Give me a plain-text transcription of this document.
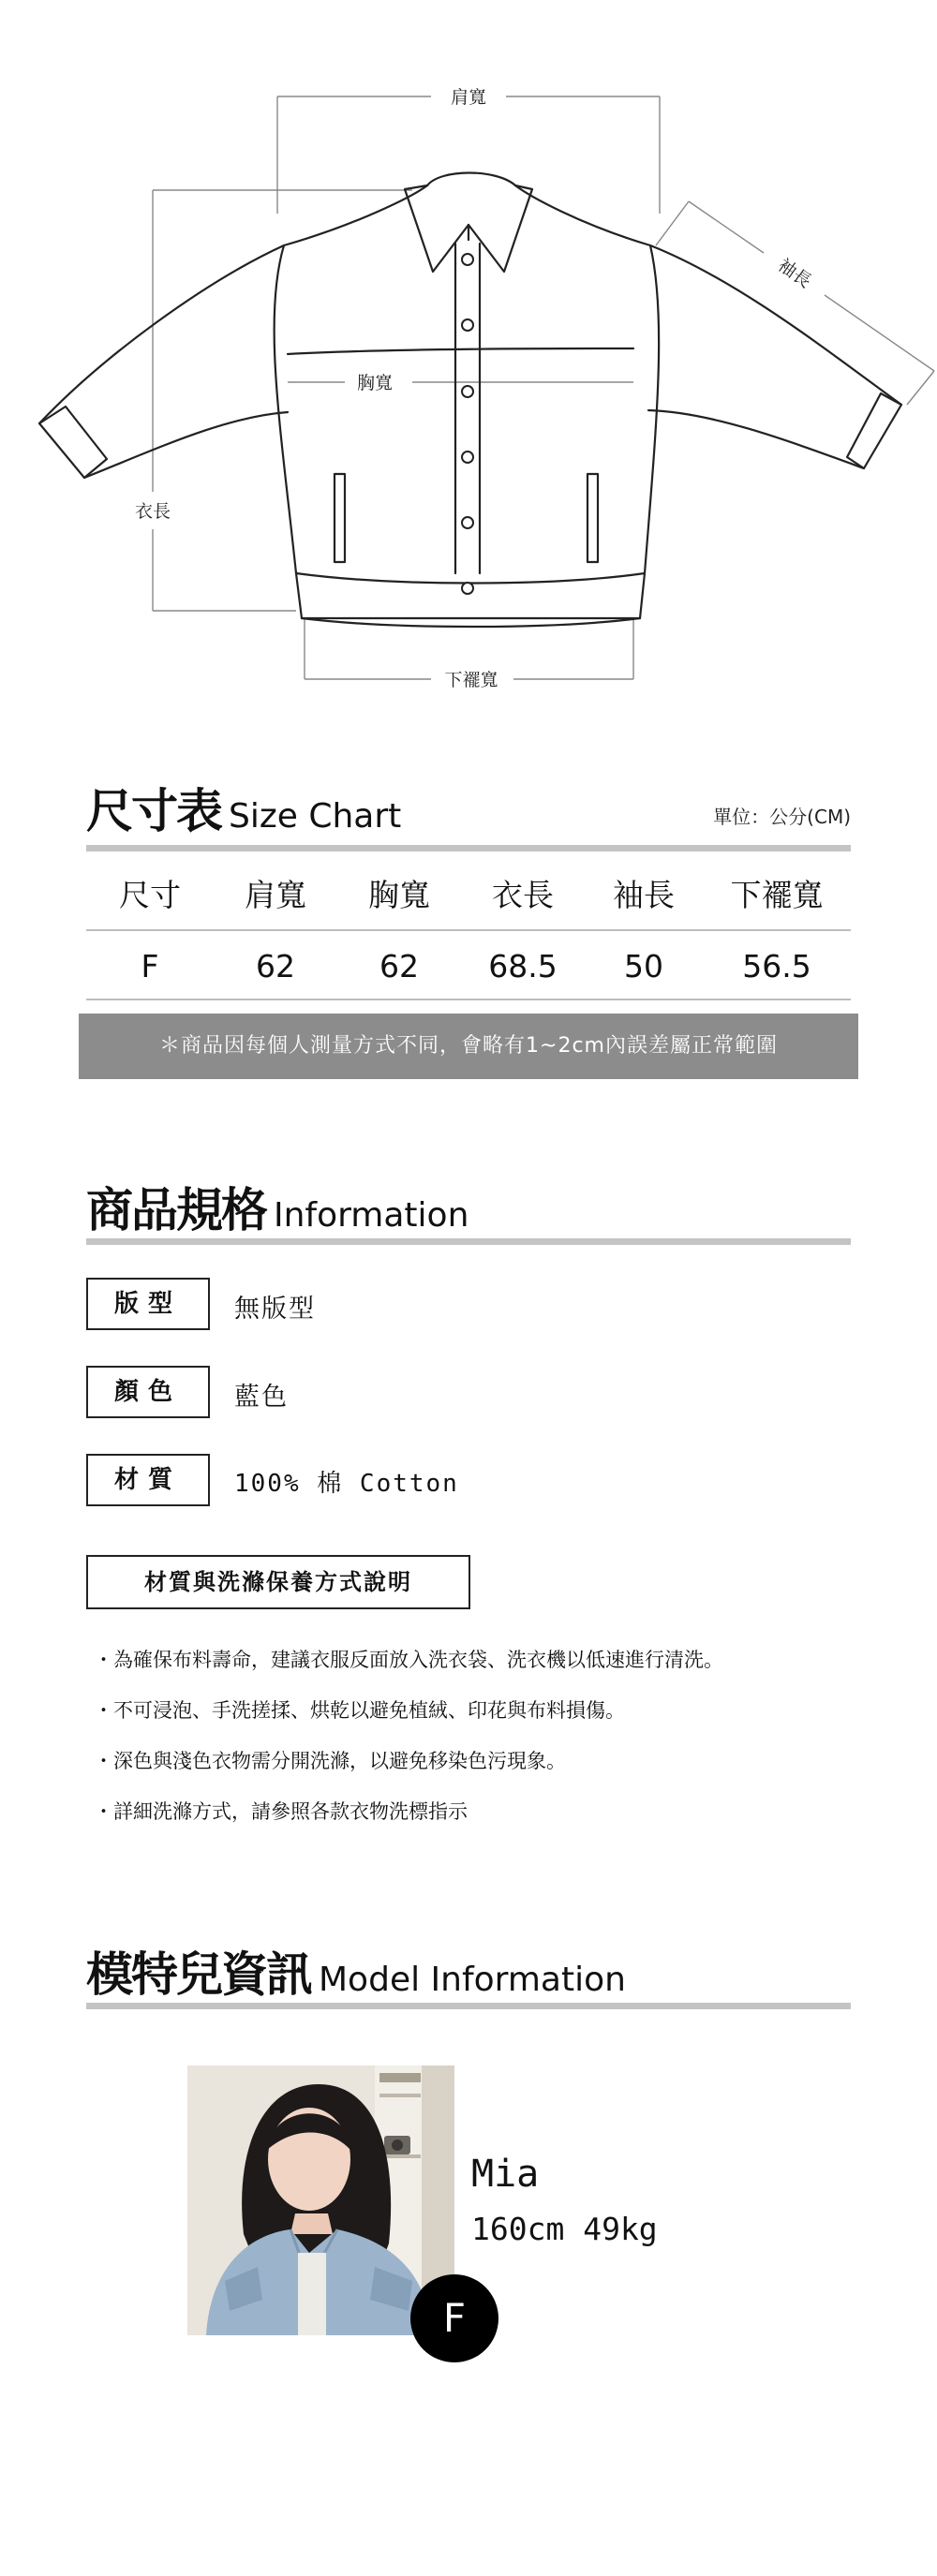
肩寬
胸寬
衣長
下襬寬
袖長
尺寸表 Size Chart	單位：公分(CM)
尺寸	肩寬	胸寬	衣長	袖長	下襬寬
F	62	62	68.5	50	56.5
＊商品因每個人測量方式不同，會略有1~2cm內誤差屬正常範圍
商品規格 Information
版型	無版型
顏色	藍色
材質	100% 棉 Cotton
材質與洗滌保養方式說明
・為確保布料壽命，建議衣服反面放入洗衣袋、洗衣機以低速進行清洗。
・不可浸泡、手洗搓揉、烘乾以避免植絨、印花與布料損傷。
・深色與淺色衣物需分開洗滌，以避免移染色污現象。
・詳細洗滌方式，請參照各款衣物洗標指示
模特兒資訊 Model Information
Mia
160cm 49kg
F
